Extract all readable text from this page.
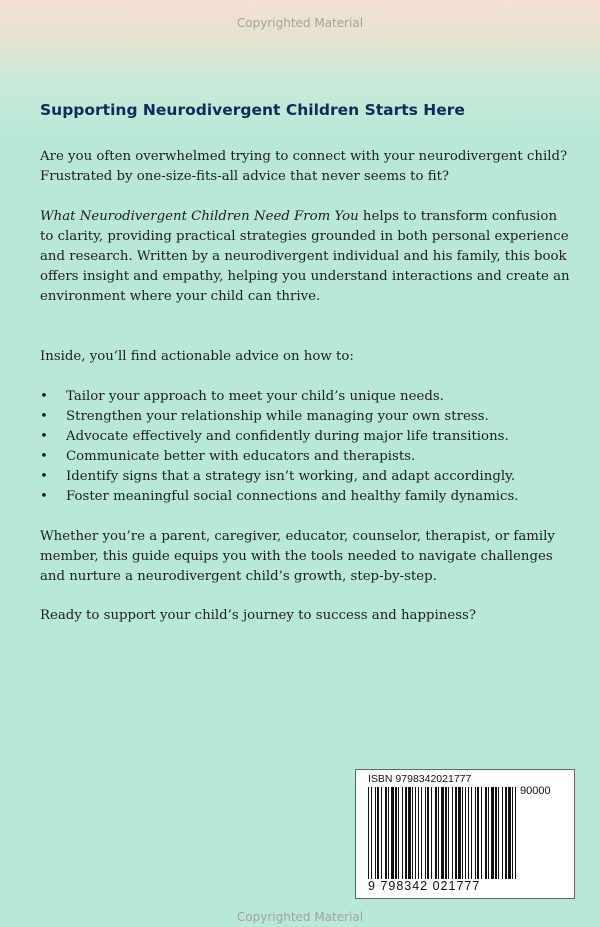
Copyrighted Material
Supporting Neurodivergent Children Starts Here

Are you often overwhelmed trying to connect with your neurodivergent child? Frustrated by one-size-fits-all advice that never seems to fit?

What Neurodivergent Children Need From You helps to transform confusion to clarity, providing practical strategies grounded in both personal experience and research. Written by a neurodivergent individual and his family, this book offers insight and empathy, helping you understand interactions and create an environment where your child can thrive.

Inside, you’ll find actionable advice on how to:

• Tailor your approach to meet your child’s unique needs.
• Strengthen your relationship while managing your own stress.
• Advocate effectively and confidently during major life transitions.
• Communicate better with educators and therapists.
• Identify signs that a strategy isn’t working, and adapt accordingly.
• Foster meaningful social connections and healthy family dynamics.

Whether you’re a parent, caregiver, educator, counselor, therapist, or family member, this guide equips you with the tools needed to navigate challenges and nurture a neurodivergent child’s growth, step-by-step.

Ready to support your child’s journey to success and happiness?

ISBN 9798342021777
90000
9 798342 021777
Copyrighted Material
